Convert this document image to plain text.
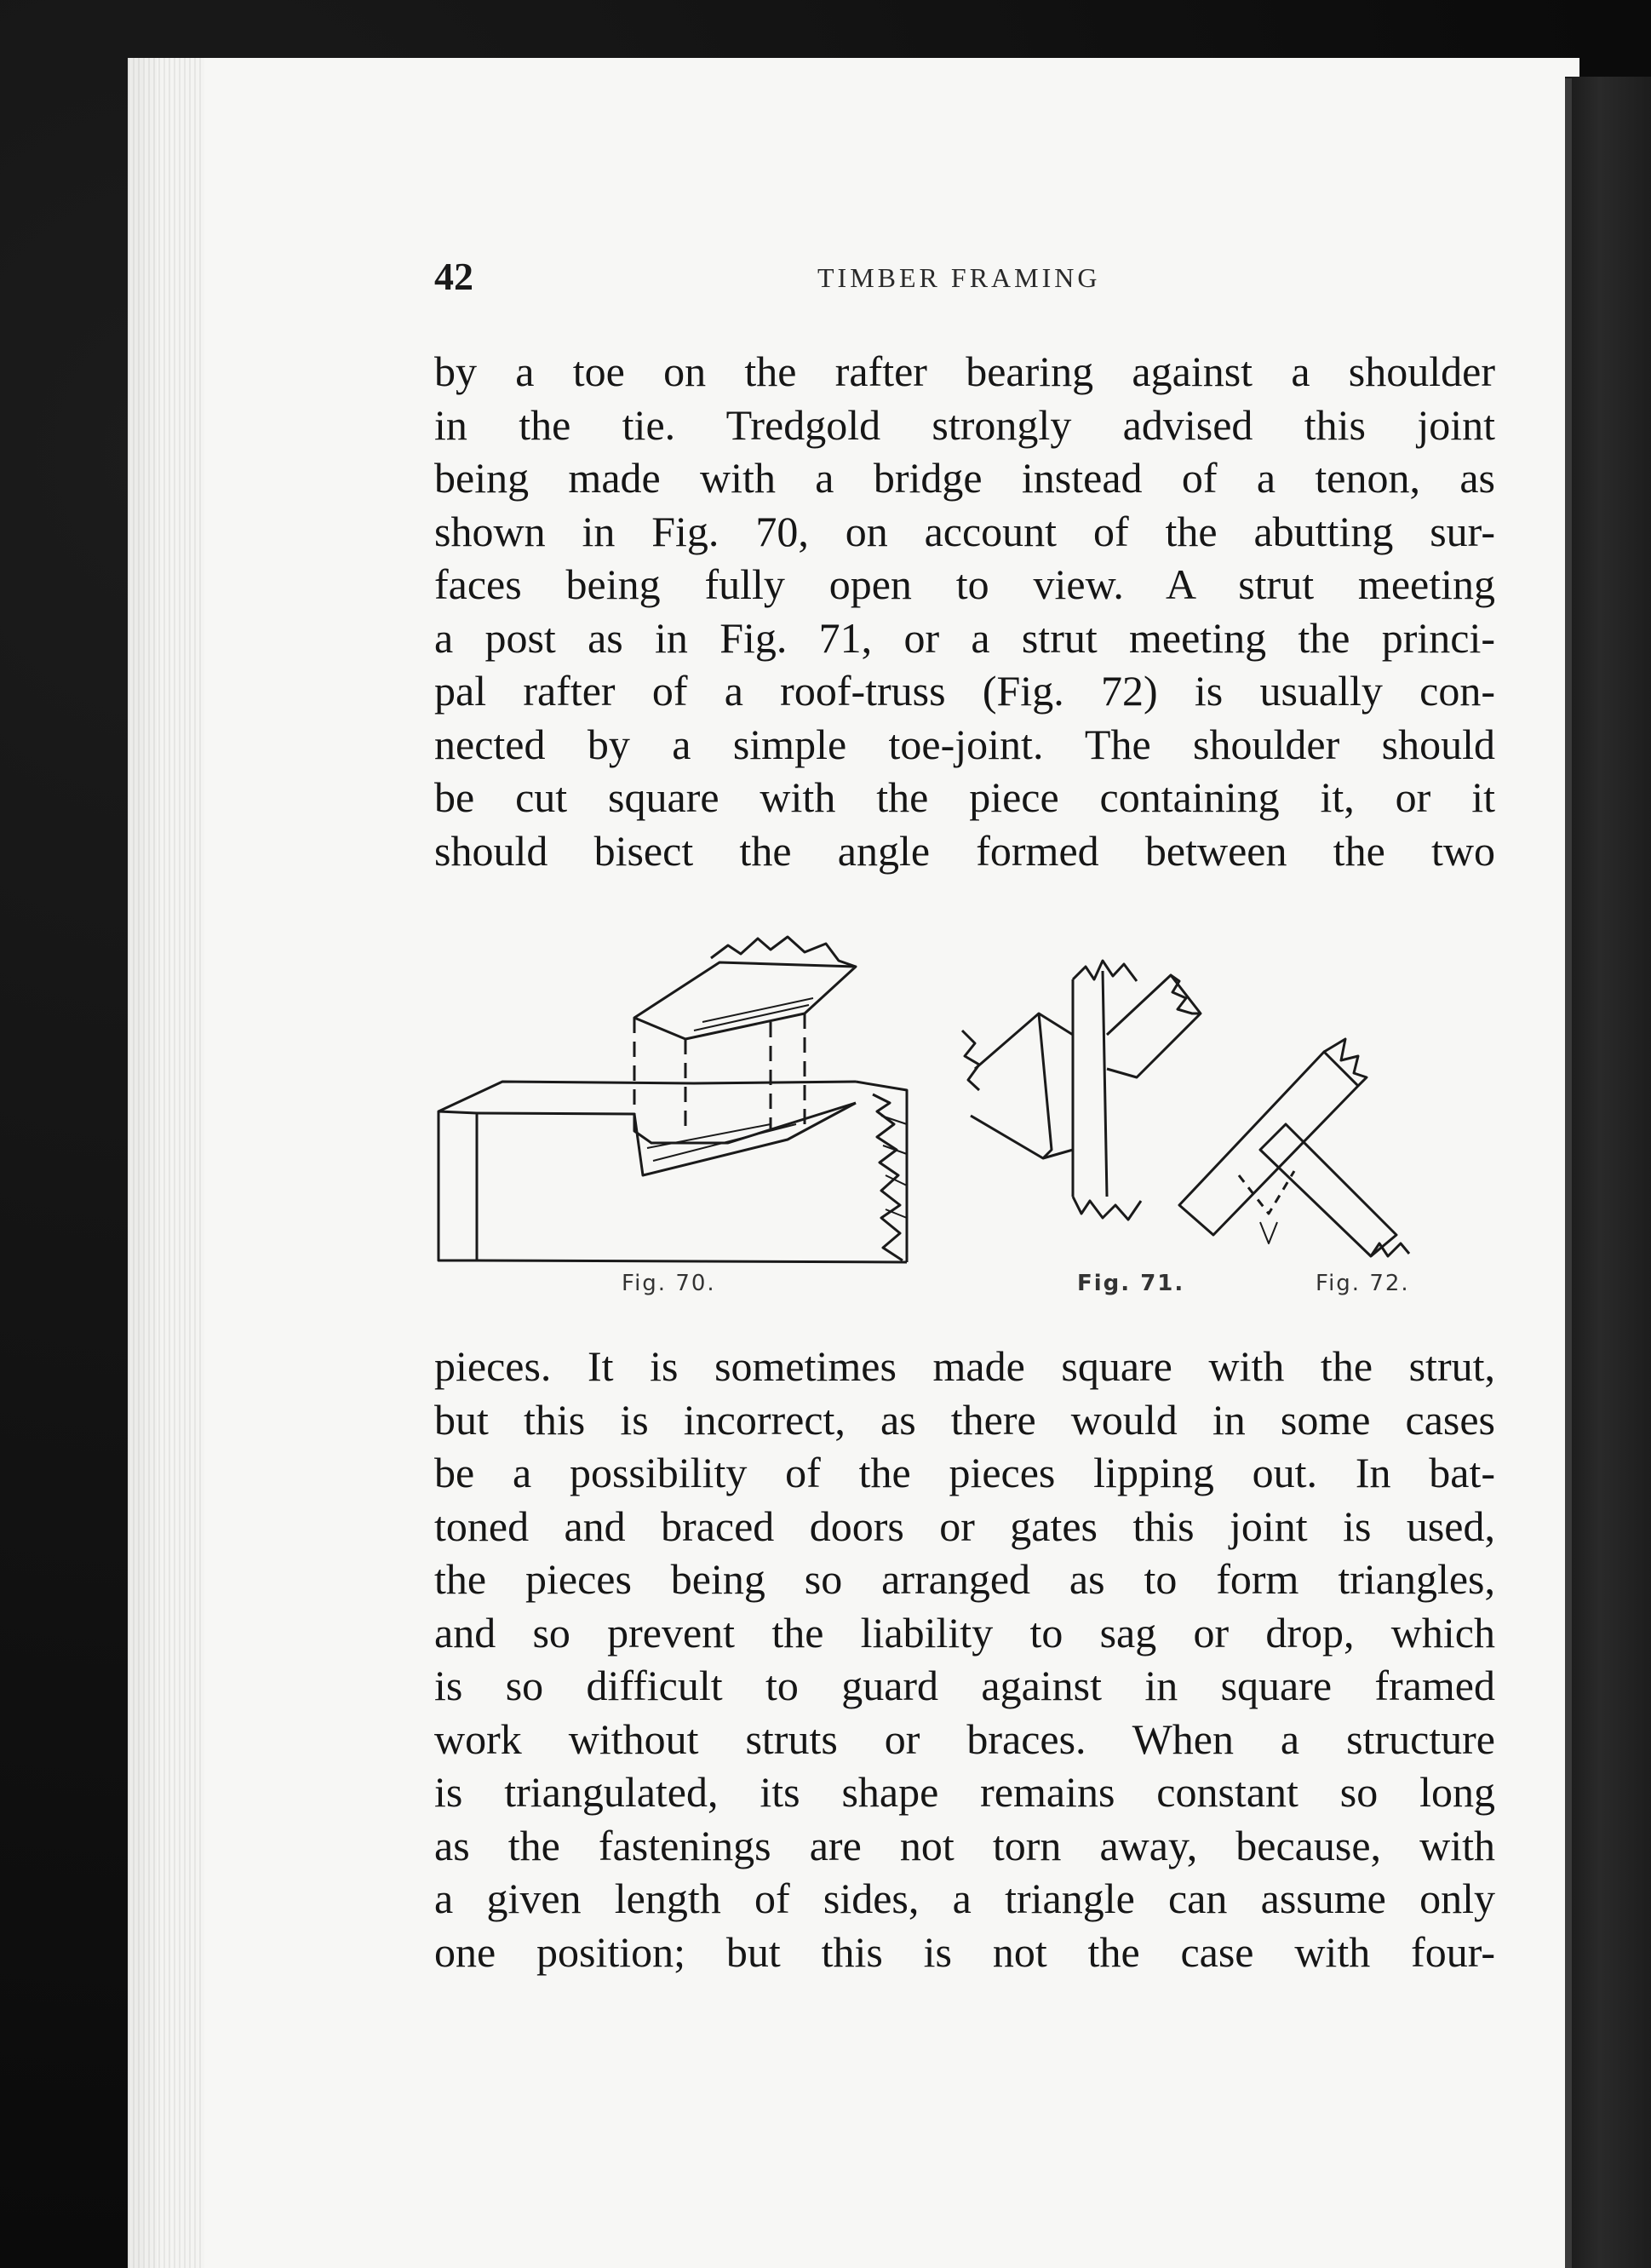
42	TIMBER FRAMING
by a toe on the rafter bearing against a shoulder
in the tie. Tredgold strongly advised this joint
being made with a bridge instead of a tenon, as
shown in Fig. 70, on account of the abutting sur-
faces being fully open to view. A strut meeting
a post as in Fig. 71, or a strut meeting the princi-
pal rafter of a roof-truss (Fig. 72) is usually con-
nected by a simple toe-joint. The shoulder should
be cut square with the piece containing it, or it
should bisect the angle formed between the two
Fig. 70.	Fig. 71.	Fig. 72.
pieces. It is sometimes made square with the strut,
but this is incorrect, as there would in some cases
be a possibility of the pieces lipping out. In bat-
toned and braced doors or gates this joint is used,
the pieces being so arranged as to form triangles,
and so prevent the liability to sag or drop, which
is so difficult to guard against in square framed
work without struts or braces. When a structure
is triangulated, its shape remains constant so long
as the fastenings are not torn away, because, with
a given length of sides, a triangle can assume only
one position; but this is not the case with four-
